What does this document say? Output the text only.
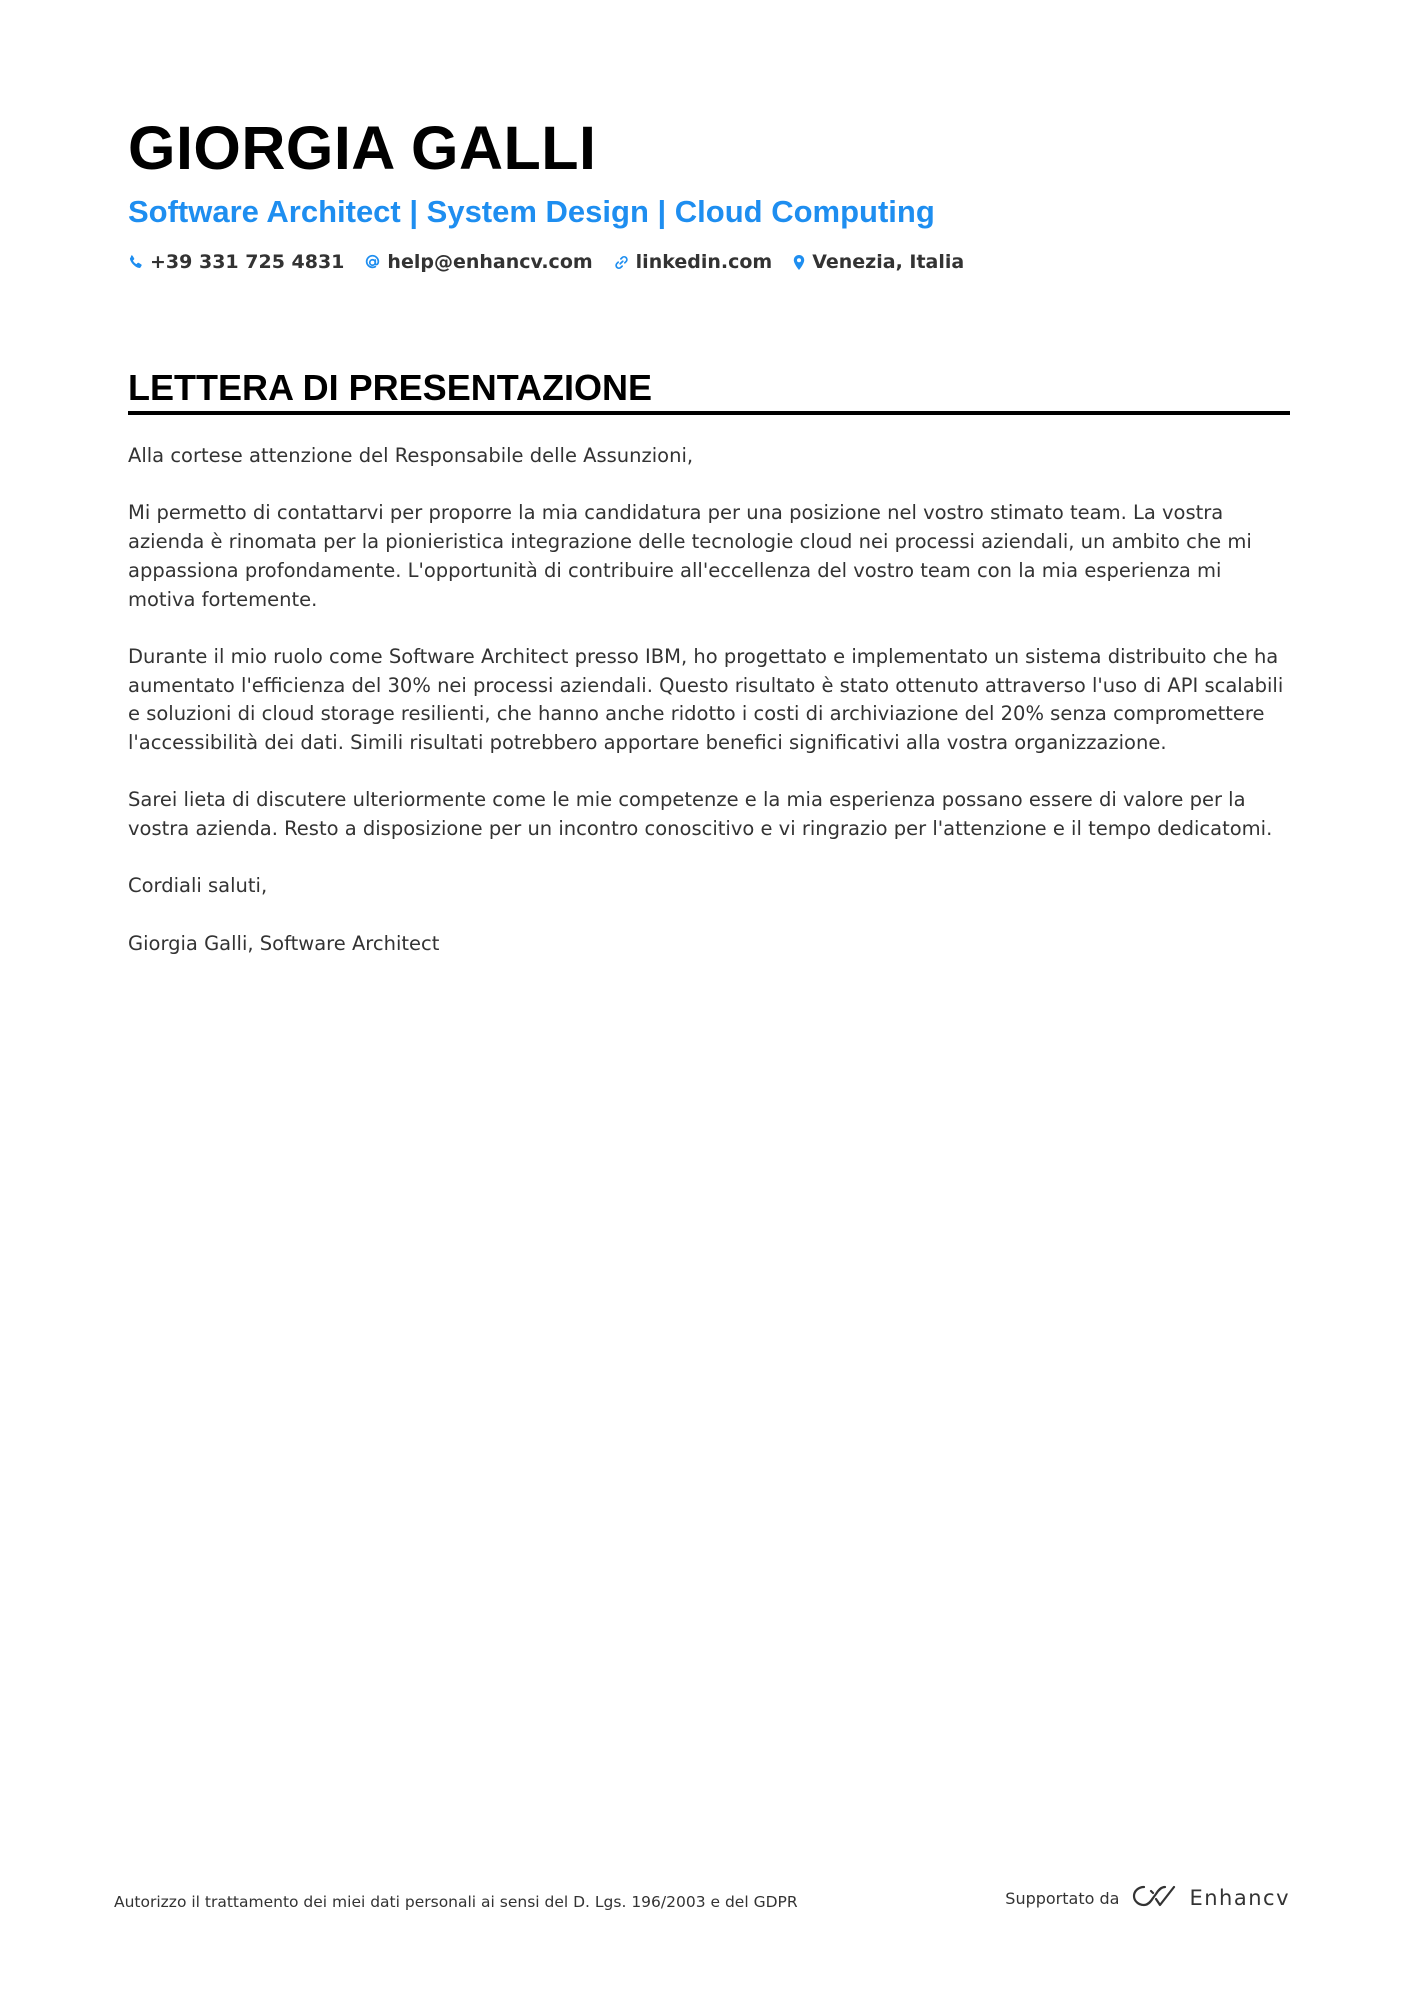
GIORGIA GALLI
Software Architect | System Design | Cloud Computing
+39 331 725 4831 help@enhancv.com linkedin.com Venezia, Italia
LETTERA DI PRESENTAZIONE

Alla cortese attenzione del Responsabile delle Assunzioni,

Mi permetto di contattarvi per proporre la mia candidatura per una posizione nel vostro stimato team. La vostra azienda è rinomata per la pionieristica integrazione delle tecnologie cloud nei processi aziendali, un ambito che mi appassiona profondamente. L'opportunità di contribuire all'eccellenza del vostro team con la mia esperienza mi motiva fortemente.

Durante il mio ruolo come Software Architect presso IBM, ho progettato e implementato un sistema distribuito che ha aumentato l'efficienza del 30% nei processi aziendali. Questo risultato è stato ottenuto attraverso l'uso di API scalabili e soluzioni di cloud storage resilienti, che hanno anche ridotto i costi di archiviazione del 20% senza compromettere l'accessibilità dei dati. Simili risultati potrebbero apportare benefici significativi alla vostra organizzazione.

Sarei lieta di discutere ulteriormente come le mie competenze e la mia esperienza possano essere di valore per la vostra azienda. Resto a disposizione per un incontro conoscitivo e vi ringrazio per l'attenzione e il tempo dedicatomi.

Cordiali saluti,

Giorgia Galli, Software Architect

Autorizzo il trattamento dei miei dati personali ai sensi del D. Lgs. 196/2003 e del GDPR	Supportato da	Enhancv
